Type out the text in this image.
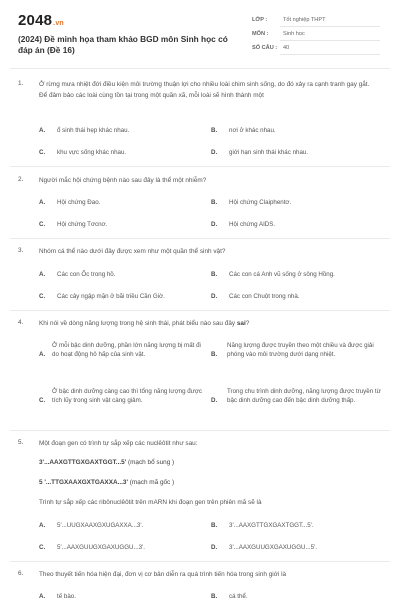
2048.vn
(2024) Đề minh họa tham khảo BGD môn Sinh học có đáp án (Đề 16)
LỚP :	Tốt nghiệp THPT
MÔN :	Sinh học
SỐ CÂU : 40
1. Ở rừng mưa nhiệt đới điều kiện môi trường thuận lợi cho nhiều loài chim sinh sống, do đó xảy ra cạnh tranh gay gắt. Để đảm bảo các loài cùng tồn tại trong một quần xã, mỗi loài sẽ hình thành một
A. ổ sinh thái hẹp khác nhau.	B. nơi ở khác nhau.
C. khu vực sống khác nhau.	D. giới hạn sinh thái khác nhau.
2. Người mắc hội chứng bệnh nào sau đây là thể một nhiễm?
A. Hội chứng Đao.	B. Hội chứng Claiphentơ.
C. Hội chứng Tơcnơ.	D. Hội chứng AIDS.
3. Nhóm cá thể nào dưới đây được xem như một quần thể sinh vật?
A. Các con Ốc trong hồ.	B. Các con cá Anh vũ sống ở sông Hồng.
C. Các cây ngập mặn ở bãi triều Cần Giờ.	D. Các con Chuột trong nhà.
4. Khi nói về dòng năng lượng trong hệ sinh thái, phát biểu nào sau đây sai?
A.
Ở mỗi bậc dinh dưỡng, phần lớn năng lượng bị mất đi do hoạt động hô hấp của sinh vật.	B.
Năng lượng được truyền theo một chiều và được giải phóng vào môi trường dưới dạng nhiệt.
C.
Ở bậc dinh dưỡng càng cao thì tổng năng lượng được tích lũy trong sinh vật càng giảm.	D.
Trong chu trình dinh dưỡng, năng lượng được truyền từ bậc dinh dưỡng cao đến bậc dinh dưỡng thấp.
5. Một đoạn gen có trình tự sắp xếp các nuclêôtit như sau:
3'...AAXGTTGXGAXTGGT...5' (mạch bổ sung )
5 '...TTGXAAXGXTGAXXA...3' (mạch mã gốc )
Trình tự sắp xếp các ribônuclêôtit trên mARN khi đoạn gen trên phiên mã sẽ là
A. 5'...UUGXAAXGXUGAXXA...3'.	B. 3'...AAXGTTGXGAXTGGT...5'.
C. 5'...AAXGUUGXGAXUGGU...3'.	D. 3'...AAXGUUGXGAXUGGU...5'.
6. Theo thuyết tiến hóa hiện đại, đơn vị cơ bản diễn ra quá trình tiến hóa trong sinh giới là
A. tế bào.	B. cá thể.
